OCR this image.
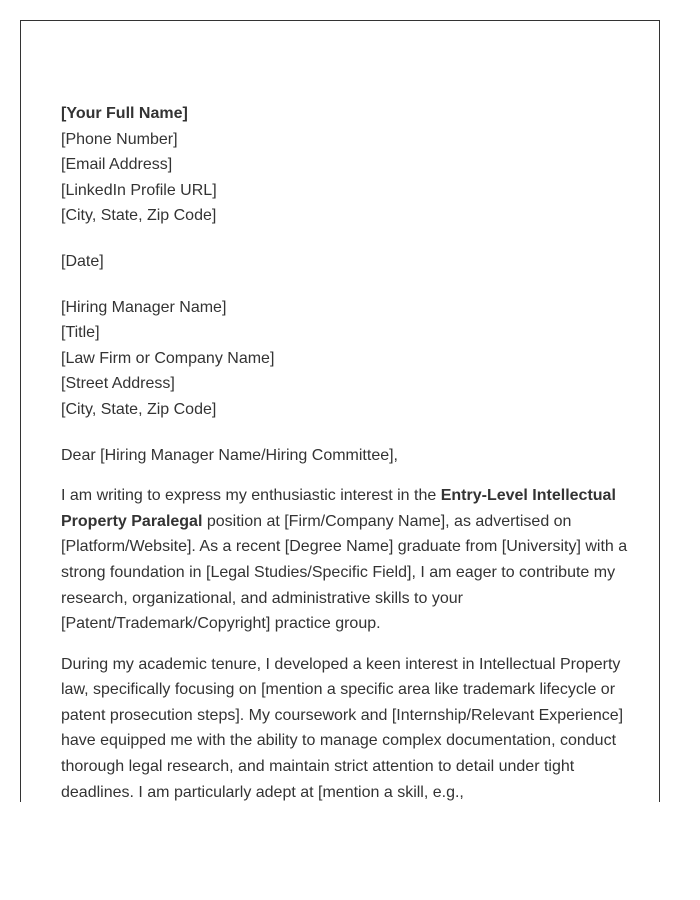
[Your Full Name]
[Phone Number]
[Email Address]
[LinkedIn Profile URL]
[City, State, Zip Code]
[Date]
[Hiring Manager Name]
[Title]
[Law Firm or Company Name]
[Street Address]
[City, State, Zip Code]

Dear [Hiring Manager Name/Hiring Committee],

I am writing to express my enthusiastic interest in the Entry-Level Intellectual Property Paralegal position at [Firm/Company Name], as advertised on [Platform/Website]. As a recent [Degree Name] graduate from [University] with a strong foundation in [Legal Studies/Specific Field], I am eager to contribute my research, organizational, and administrative skills to your [Patent/Trademark/Copyright] practice group.

During my academic tenure, I developed a keen interest in Intellectual Property law, specifically focusing on [mention a specific area like trademark lifecycle or patent prosecution steps]. My coursework and [Internship/Relevant Experience] have equipped me with the ability to manage complex documentation, conduct thorough legal research, and maintain strict attention to detail under tight deadlines. I am particularly adept at [mention a skill, e.g.,
